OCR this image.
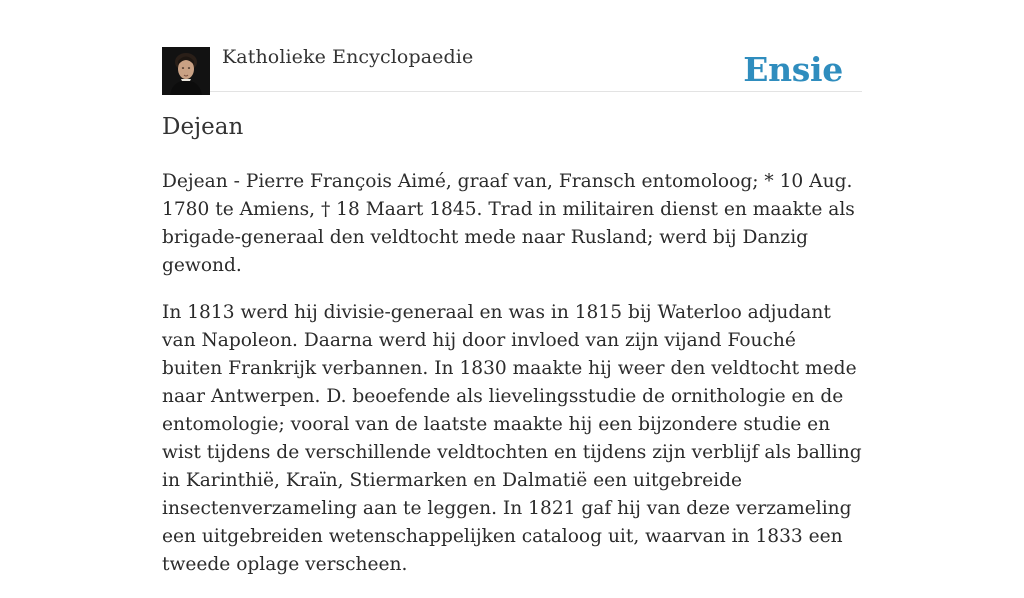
Katholieke Encyclopaedie	Ensie
Dejean

Dejean - Pierre François Aimé, graaf van, Fransch entomoloog; * 10 Aug. 1780 te Amiens, † 18 Maart 1845. Trad in militairen dienst en maakte als brigade-generaal den veldtocht mede naar Rusland; werd bij Danzig gewond.

In 1813 werd hij divisie-generaal en was in 1815 bij Waterloo adjudant van Napoleon. Daarna werd hij door invloed van zijn vijand Fouché buiten Frankrijk verbannen. In 1830 maakte hij weer den veldtocht mede naar Antwerpen. D. beoefende als lievelingsstudie de ornithologie en de entomologie; vooral van de laatste maakte hij een bijzondere studie en wist tijdens de verschillende veldtochten en tijdens zijn verblijf als balling in Karinthië, Kraïn, Stiermarken en Dalmatië een uitgebreide insectenverzameling aan te leggen. In 1821 gaf hij van deze verzameling een uitgebreiden wetenschappelijken cataloog uit, waarvan in 1833 een tweede oplage verscheen.
